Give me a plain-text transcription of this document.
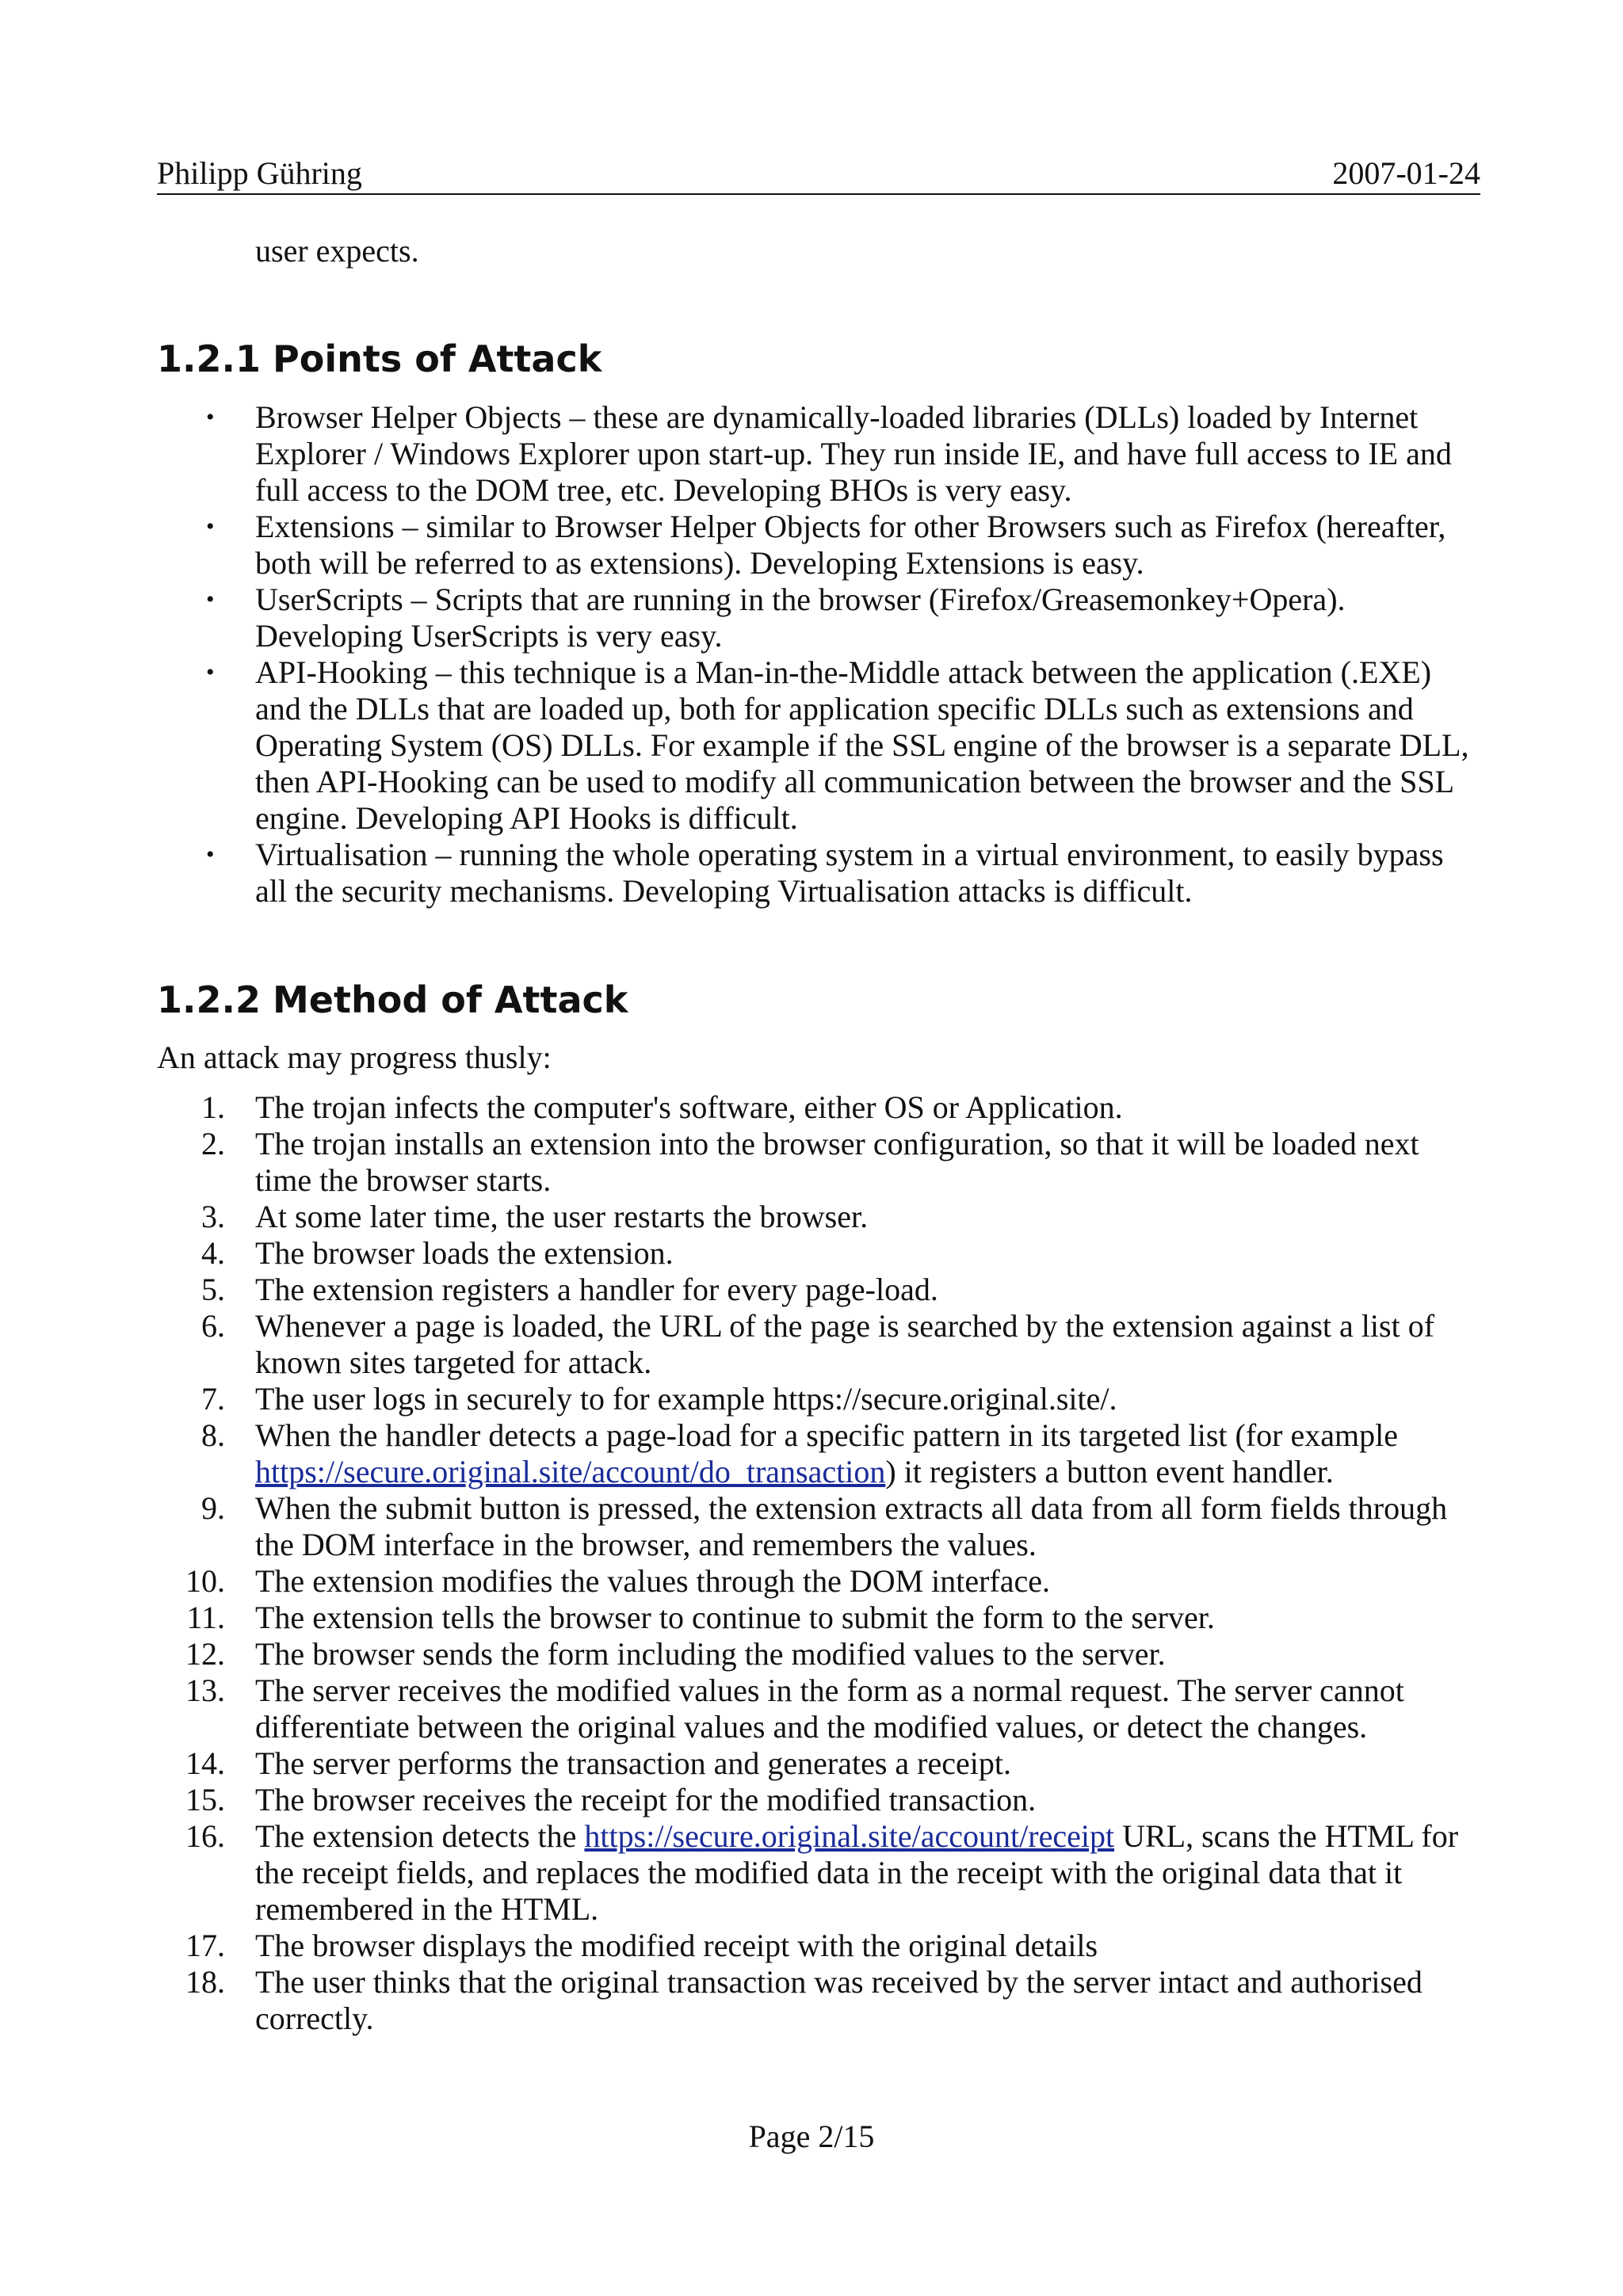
Philipp Gühring	2007-01-24
user expects.
1.2.1 Points of Attack
• Browser Helper Objects – these are dynamically-loaded libraries (DLLs) loaded by Internet Explorer / Windows Explorer upon start-up. They run inside IE, and have full access to IE and full access to the DOM tree, etc. Developing BHOs is very easy.
• Extensions – similar to Browser Helper Objects for other Browsers such as Firefox (hereafter, both will be referred to as extensions). Developing Extensions is easy.
• UserScripts – Scripts that are running in the browser (Firefox/Greasemonkey+Opera). Developing UserScripts is very easy.
• API-Hooking – this technique is a Man-in-the-Middle attack between the application (.EXE) and the DLLs that are loaded up, both for application specific DLLs such as extensions and Operating System (OS) DLLs. For example if the SSL engine of the browser is a separate DLL, then API-Hooking can be used to modify all communication between the browser and the SSL engine. Developing API Hooks is difficult.
• Virtualisation – running the whole operating system in a virtual environment, to easily bypass all the security mechanisms. Developing Virtualisation attacks is difficult.
1.2.2 Method of Attack
An attack may progress thusly:
1. The trojan infects the computer's software, either OS or Application.
2. The trojan installs an extension into the browser configuration, so that it will be loaded next time the browser starts.
3. At some later time, the user restarts the browser.
4. The browser loads the extension.
5. The extension registers a handler for every page-load.
6. Whenever a page is loaded, the URL of the page is searched by the extension against a list of known sites targeted for attack.
7. The user logs in securely to for example https://secure.original.site/.
8. When the handler detects a page-load for a specific pattern in its targeted list (for example https://secure.original.site/account/do_transaction) it registers a button event handler.
9. When the submit button is pressed, the extension extracts all data from all form fields through the DOM interface in the browser, and remembers the values.
10. The extension modifies the values through the DOM interface.
11. The extension tells the browser to continue to submit the form to the server.
12. The browser sends the form including the modified values to the server.
13. The server receives the modified values in the form as a normal request. The server cannot differentiate between the original values and the modified values, or detect the changes.
14. The server performs the transaction and generates a receipt.
15. The browser receives the receipt for the modified transaction.
16. The extension detects the https://secure.original.site/account/receipt URL, scans the HTML for the receipt fields, and replaces the modified data in the receipt with the original data that it remembered in the HTML.
17. The browser displays the modified receipt with the original details
18. The user thinks that the original transaction was received by the server intact and authorised correctly.
Page 2/15
